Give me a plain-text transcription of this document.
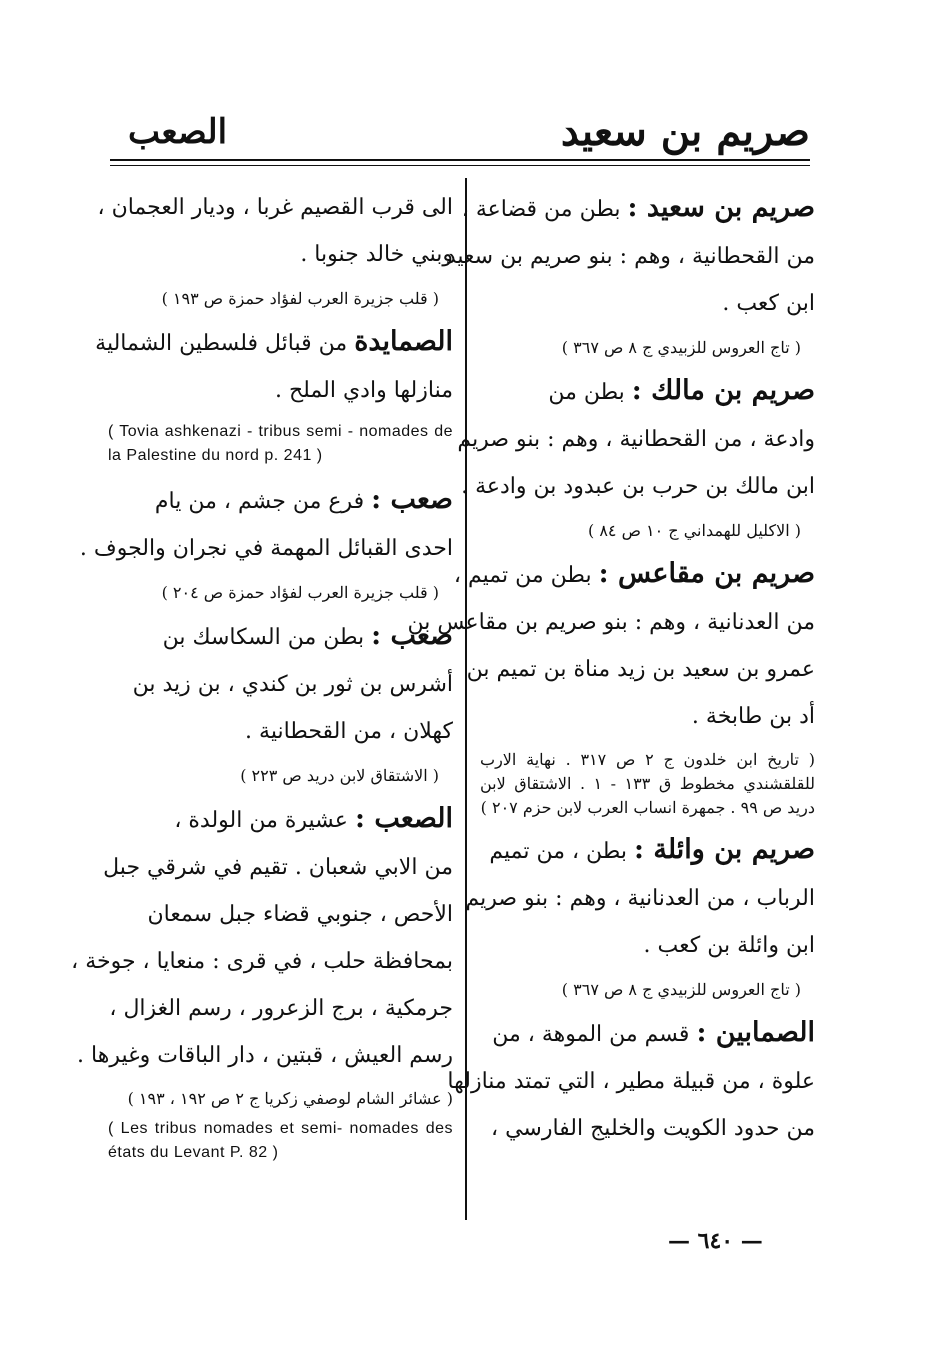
صريم بن سعيد
الصعب
صريم بن سعيد : بطن من قضاعة ،
من القحطانية ، وهم : بنو صريم بن سعيد
ابن كعب .
( تاج العروس للزبيدي ج ٨ ص ٣٦٧ )
صريم بن مالك : بطن من
وادعة ، من القحطانية ، وهم : بنو صريم
ابن مالك بن حرب بن عبدود بن وادعة .
( الاكليل للهمداني ج ١٠ ص ٨٤ )
صريم بن مقاعس : بطن من تميم ،
من العدنانية ، وهم : بنو صريم بن مقاعس بن
عمرو بن سعيد بن زيد مناة بن تميم بن
أد بن طابخة .
( تاريخ ابن خلدون ج ٢ ص ٣١٧ . نهاية الارب للقلقشندي مخطوط ق ١٣٣ - ١ . الاشتقاق لابن دريد ص ٩٩ . جمهرة انساب العرب لابن حزم ٢٠٧ )
صريم بن وائلة : بطن ، من تميم
الرباب ، من العدنانية ، وهم : بنو صريم
ابن وائلة بن كعب .
( تاج العروس للزبيدي ج ٨ ص ٣٦٧ )
الصمابين : قسم من الموهة ، من
علوة ، من قبيلة مطير ، التي تمتد منازلها
من حدود الكويت والخليج الفارسي ،
الى قرب القصيم غربا ، وديار العجمان ،
وبني خالد جنوبا .
( قلب جزيرة العرب لفؤاد حمزة ص ١٩٣ )
الصمايدة من قبائل فلسطين الشمالية
منازلها وادي الملح .
( Tovia ashkenazi - tribus semi - nomades de la Palestine du nord p. 241 )
صعب : فرع من جشم ، من يام
احدى القبائل المهمة في نجران والجوف .
( قلب جزيرة العرب لفؤاد حمزة ص ٢٠٤ )
صعب : بطن من السكاسك بن
أشرس بن ثور بن كندي ، بن زيد بن
كهلان ، من القحطانية .
( الاشتقاق لابن دريد ص ٢٢٣ )
الصعب : عشيرة من الولدة ،
من الابي شعبان . تقيم في شرقي جبل
الأحص ، جنوبي قضاء جبل سمعان
بمحافظة حلب ، في قرى : منعايا ، جوخة ،
جرمكية ، برج الزعرور ، رسم الغزال ،
رسم العيش ، قبتين ، دار الباقات وغيرها .
( عشائر الشام لوصفي زكريا ج ٢ ص ١٩٢ ، ١٩٣ )
( Les tribus nomades et semi- nomades des états du Levant P. 82 )
— ٦٤٠ —
